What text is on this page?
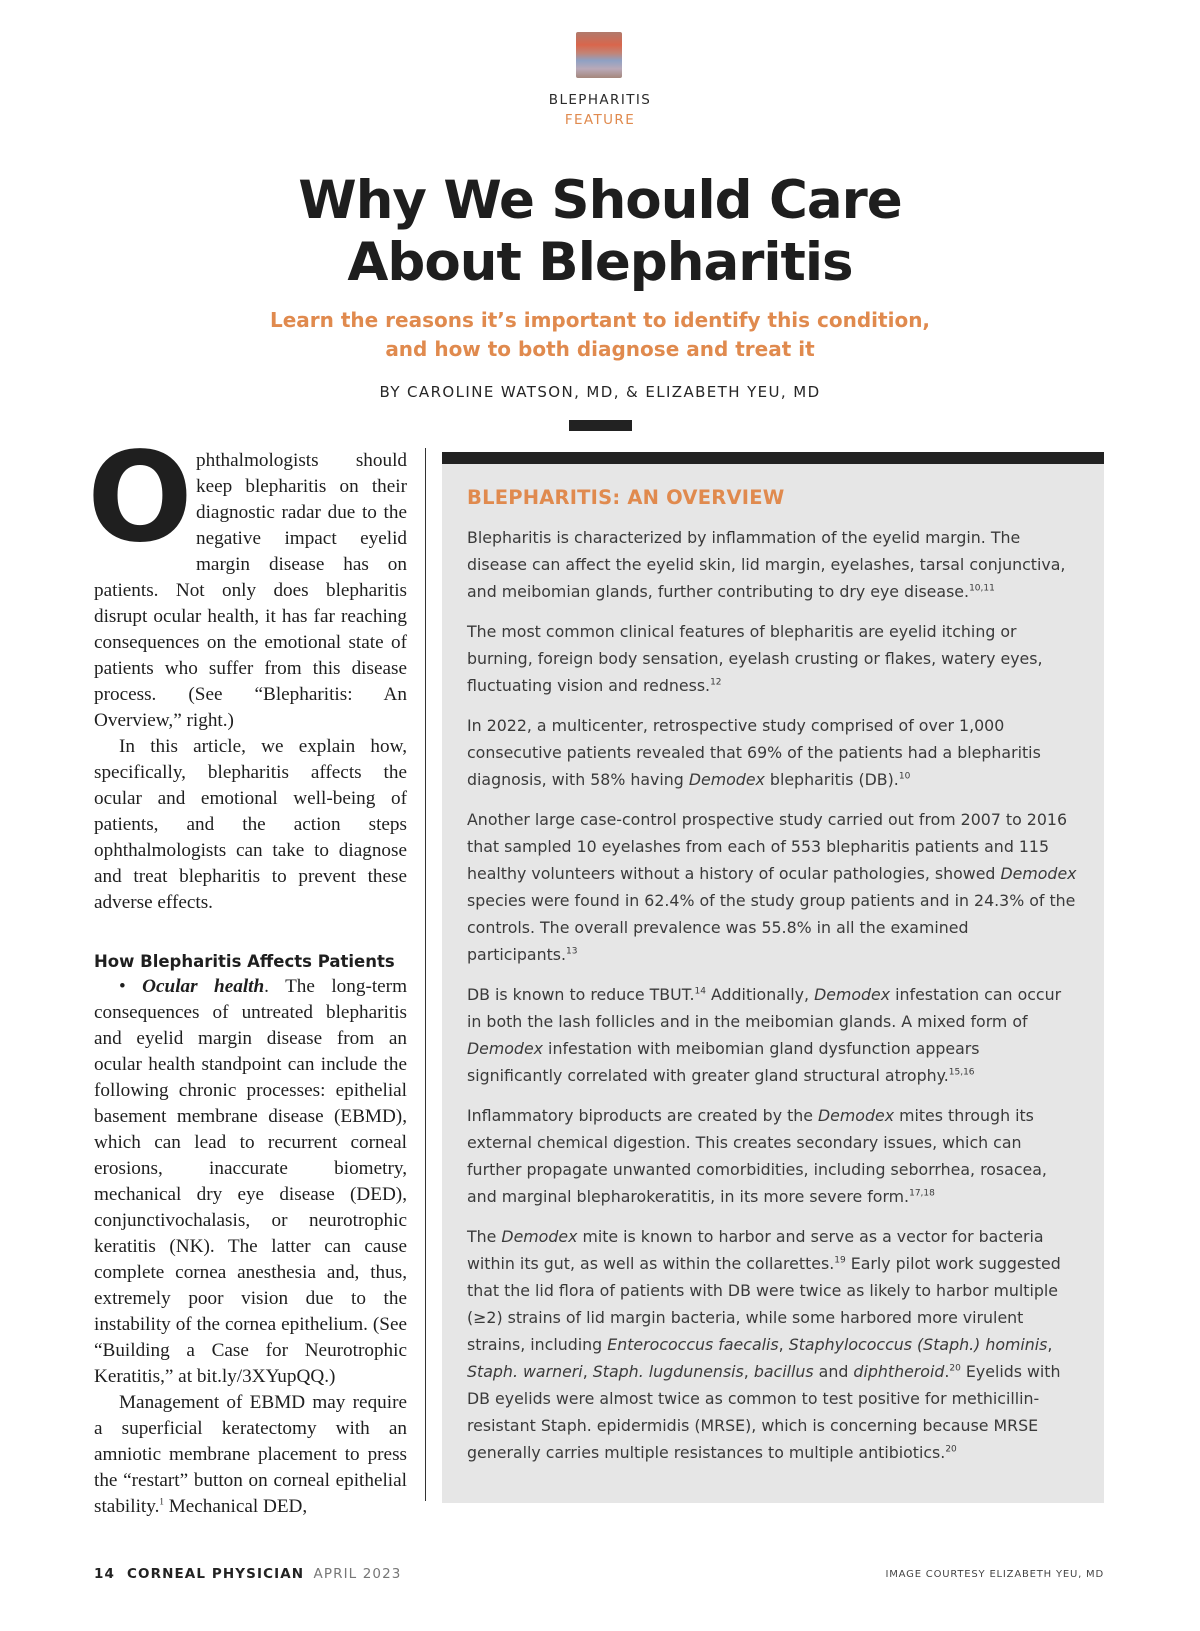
BLEPHARITIS
FEATURE
Why We Should Care
About Blepharitis
Learn the reasons it’s important to identify this condition,
and how to both diagnose and treat it
BY CAROLINE WATSON, MD, & ELIZABETH YEU, MD

O phthalmologists should keep blepharitis on their diagnostic radar due to the negative impact eyelid margin disease has on patients. Not only does blepharitis disrupt ocular health, it has far reaching consequences on the emotional state of patients who suffer from this disease process. (See “Blepharitis: An Overview,” right.)

In this article, we explain how, specifically, blepharitis affects the ocular and emotional well-being of patients, and the action steps ophthalmologists can take to diagnose and treat blepharitis to prevent these adverse effects.

How Blepharitis Affects Patients

• Ocular health. The long-term consequences of untreated blepharitis and eyelid margin disease from an ocular health standpoint can include the following chronic processes: epithelial basement membrane disease (EBMD), which can lead to recurrent corneal erosions, inaccurate biometry, mechanical dry eye disease (DED), conjunctivochalasis, or neurotrophic keratitis (NK). The latter can cause complete cornea anesthesia and, thus, extremely poor vision due to the instability of the cornea epithelium. (See “Building a Case for Neurotrophic Keratitis,” at bit.ly/3XYupQQ.)

Management of EBMD may require a superficial keratectomy with an amniotic membrane placement to press the “restart” button on corneal epithelial stability.$^1$ Mechanical DED,

BLEPHARITIS: AN OVERVIEW

Blepharitis is characterized by inflammation of the eyelid margin. The disease can affect the eyelid skin, lid margin, eyelashes, tarsal conjunctiva, and meibomian glands, further contributing to dry eye disease.$^{10,11}$

The most common clinical features of blepharitis are eyelid itching or burning, foreign body sensation, eyelash crusting or flakes, watery eyes, fluctuating vision and redness.$^{12}$

In 2022, a multicenter, retrospective study comprised of over 1,000 consecutive patients revealed that 69% of the patients had a blepharitis diagnosis, with 58% having Demodex blepharitis (DB).$^{10}$

Another large case-control prospective study carried out from 2007 to 2016 that sampled 10 eyelashes from each of 553 blepharitis patients and 115 healthy volunteers without a history of ocular pathologies, showed Demodex species were found in 62.4% of the study group patients and in 24.3% of the controls. The overall prevalence was 55.8% in all the examined participants.$^{13}$

DB is known to reduce TBUT.$^{14}$ Additionally, Demodex infestation can occur in both the lash follicles and in the meibomian glands. A mixed form of Demodex infestation with meibomian gland dysfunction appears significantly correlated with greater gland structural atrophy.$^{15,16}$

Inflammatory biproducts are created by the Demodex mites through its external chemical digestion. This creates secondary issues, which can further propagate unwanted comorbidities, including seborrhea, rosacea, and marginal blepharokeratitis, in its more severe form.$^{17,18}$

The Demodex mite is known to harbor and serve as a vector for bacteria within its gut, as well as within the collarettes.$^{19}$ Early pilot work suggested that the lid flora of patients with DB were twice as likely to harbor multiple (≥2) strains of lid margin bacteria, while some harbored more virulent strains, including Enterococcus faecalis, Staphylococcus (Staph.) hominis, Staph. warneri, Staph. lugdunensis, bacillus and diphtheroid.$^{20}$ Eyelids with DB eyelids were almost twice as common to test positive for methicillin-resistant Staph. epidermidis (MRSE), which is concerning because MRSE generally carries multiple resistances to multiple antibiotics.$^{20}$

14 CORNEAL PHYSICIAN APRIL 2023	IMAGE COURTESY ELIZABETH YEU, MD
